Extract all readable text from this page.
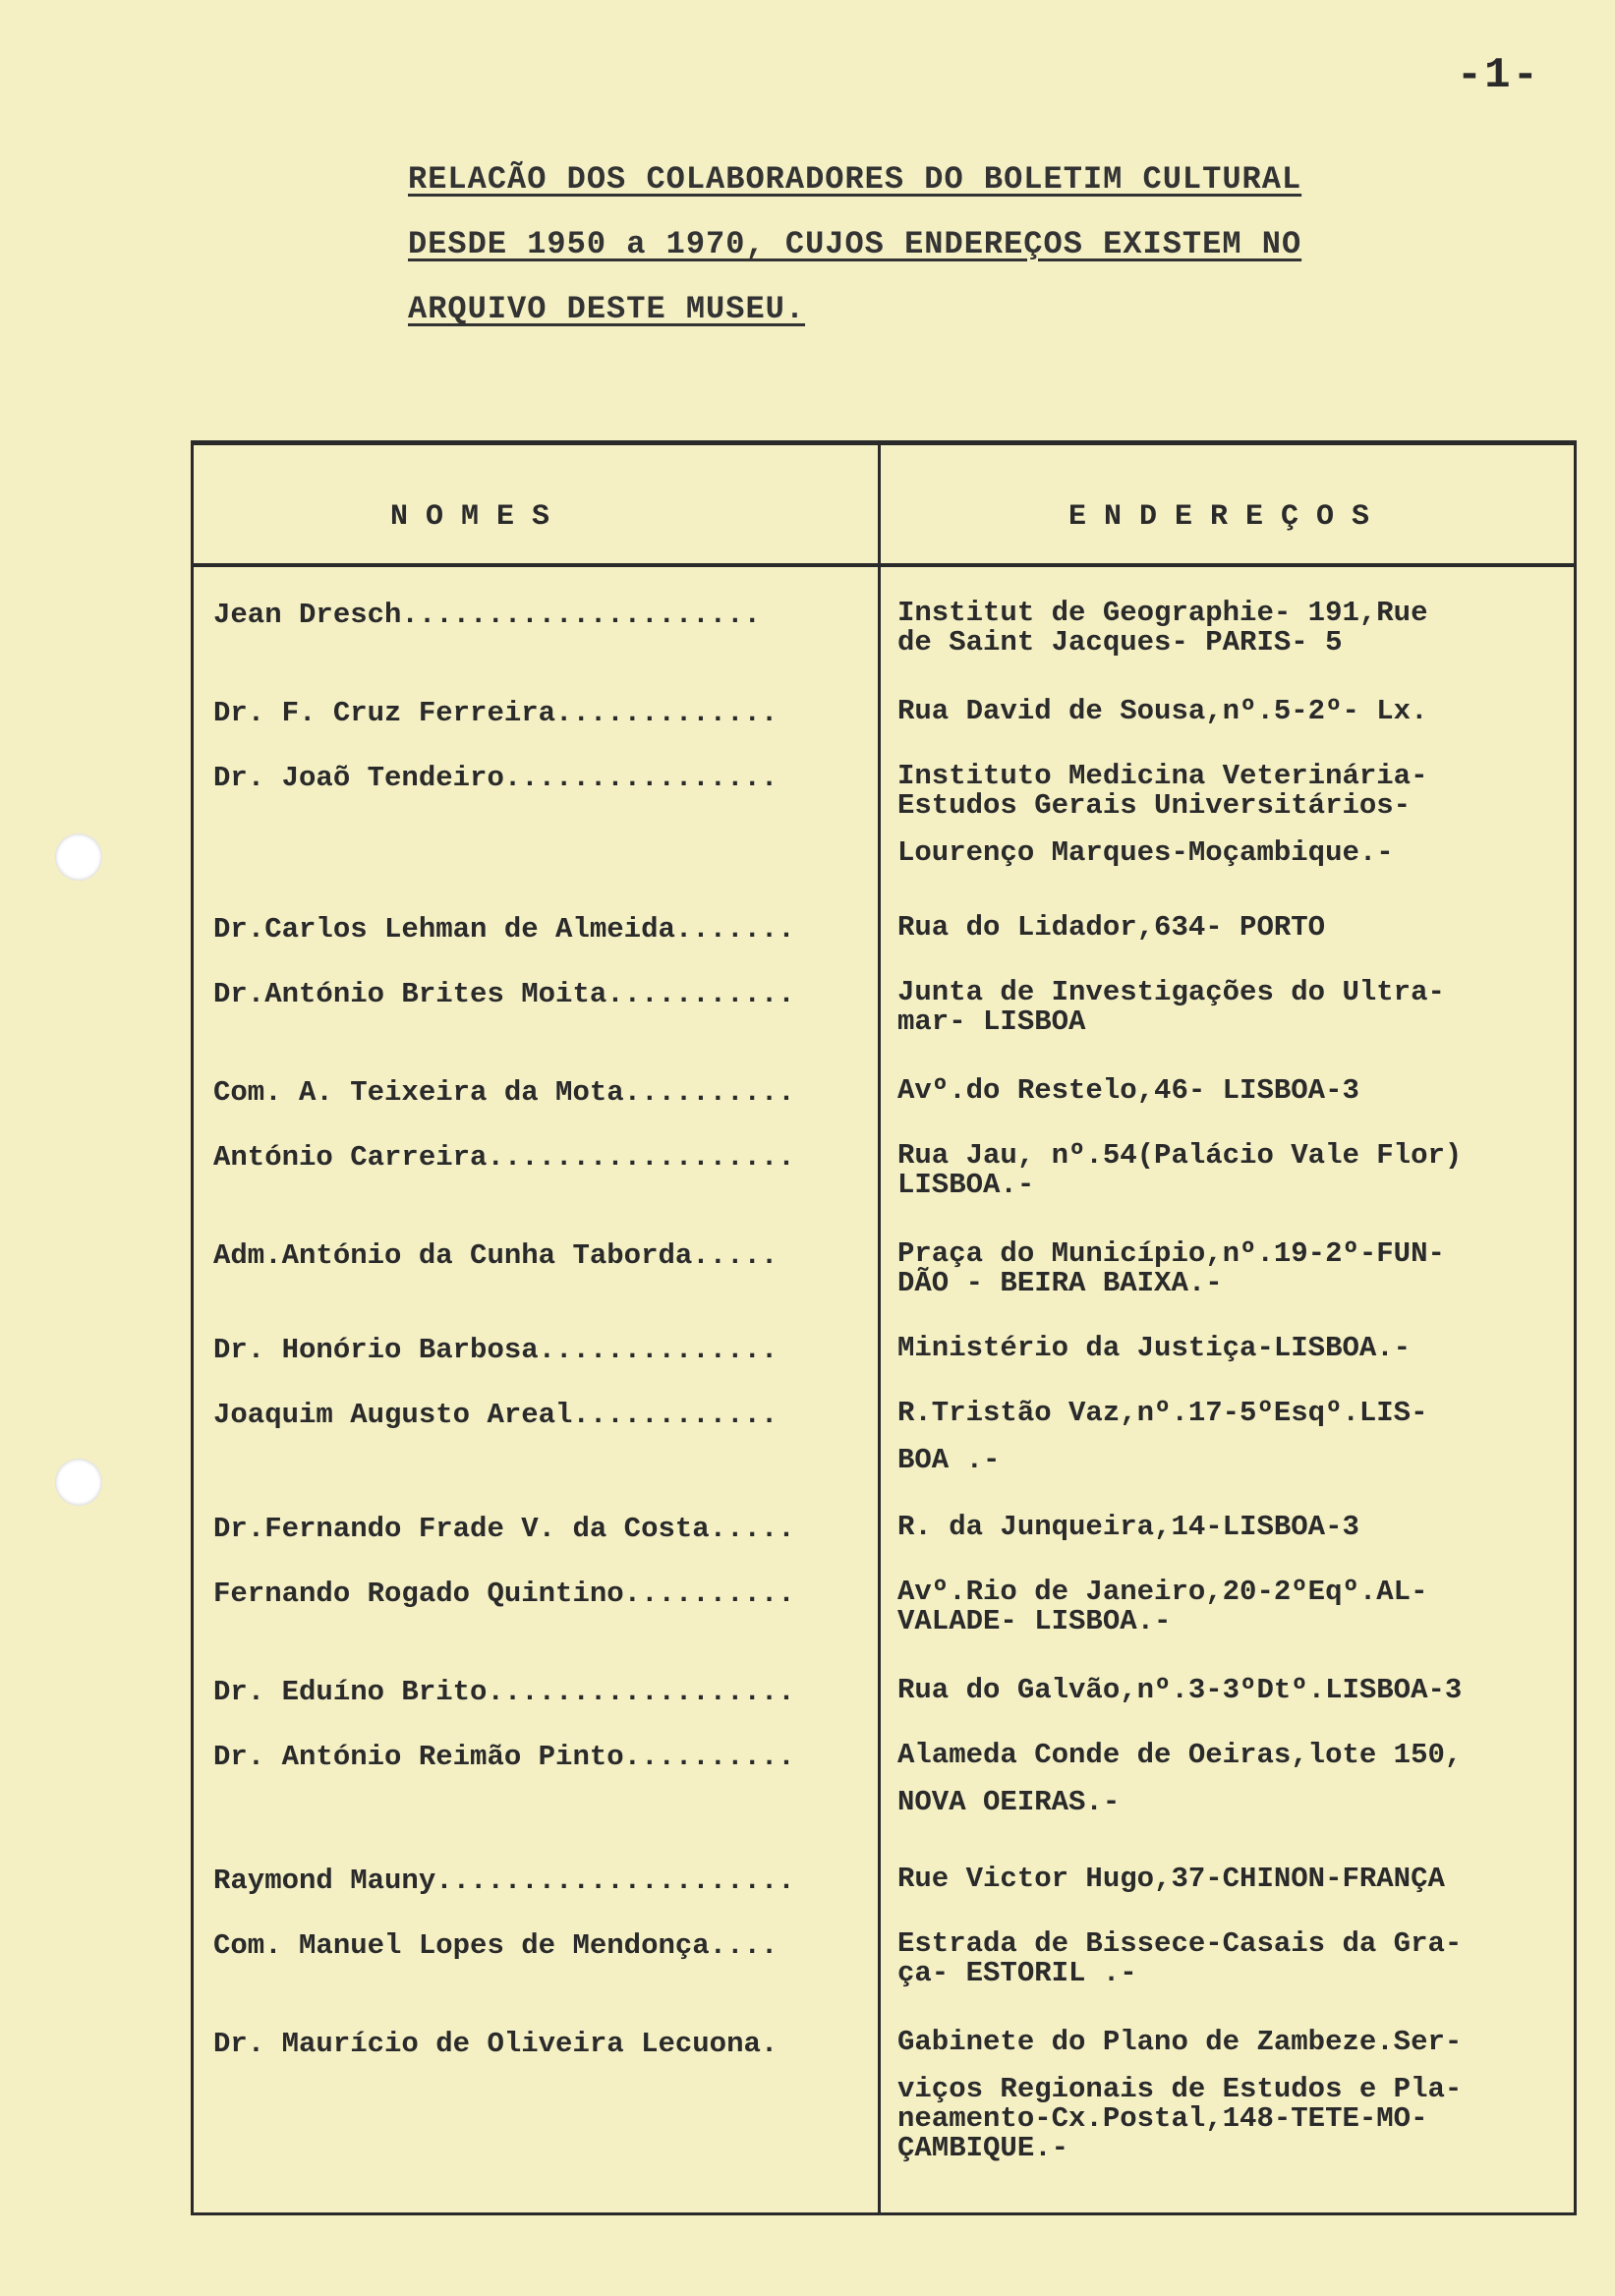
-1-
RELACÃO DOS COLABORADORES DO BOLETIM CULTURAL
DESDE 1950 a 1970, CUJOS ENDEREÇOS EXISTEM NO
ARQUIVO DESTE MUSEU.
NOMES	ENDEREÇOS
Jean Dresch.....................	Institut de Geographie- 191,Rue
de Saint Jacques- PARIS- 5
Dr. F. Cruz Ferreira.............	Rua David de Sousa,nº.5-2º- Lx.
Dr. Joaõ Tendeiro................	Instituto Medicina Veterinária-
Estudos Gerais Universitários-
Lourenço Marques-Moçambique.-
Dr.Carlos Lehman de Almeida.......	Rua do Lidador,634- PORTO
Dr.António Brites Moita...........	Junta de Investigações do Ultra-
mar- LISBOA
Com. A. Teixeira da Mota..........	Avº.do Restelo,46- LISBOA-3
António Carreira..................	Rua Jau, nº.54(Palácio Vale Flor)
LISBOA.-
Adm.António da Cunha Taborda.....	Praça do Município,nº.19-2º-FUN-
DÃO - BEIRA BAIXA.-
Dr. Honório Barbosa..............	Ministério da Justiça-LISBOA.-
Joaquim Augusto Areal............	R.Tristão Vaz,nº.17-5ºEsqº.LIS-
BOA .-
Dr.Fernando Frade V. da Costa.....	R. da Junqueira,14-LISBOA-3
Fernando Rogado Quintino..........	Avº.Rio de Janeiro,20-2ºEqº.AL-
VALADE- LISBOA.-
Dr. Eduíno Brito..................	Rua do Galvão,nº.3-3ºDtº.LISBOA-3
Dr. António Reimão Pinto..........	Alameda Conde de Oeiras,lote 150,
NOVA OEIRAS.-
Raymond Mauny.....................	Rue Victor Hugo,37-CHINON-FRANÇA
Com. Manuel Lopes de Mendonça....	Estrada de Bissece-Casais da Gra-
ça- ESTORIL .-
Dr. Maurício de Oliveira Lecuona.	Gabinete do Plano de Zambeze.Ser-
viços Regionais de Estudos e Pla-
neamento-Cx.Postal,148-TETE-MO-
ÇAMBIQUE.-
